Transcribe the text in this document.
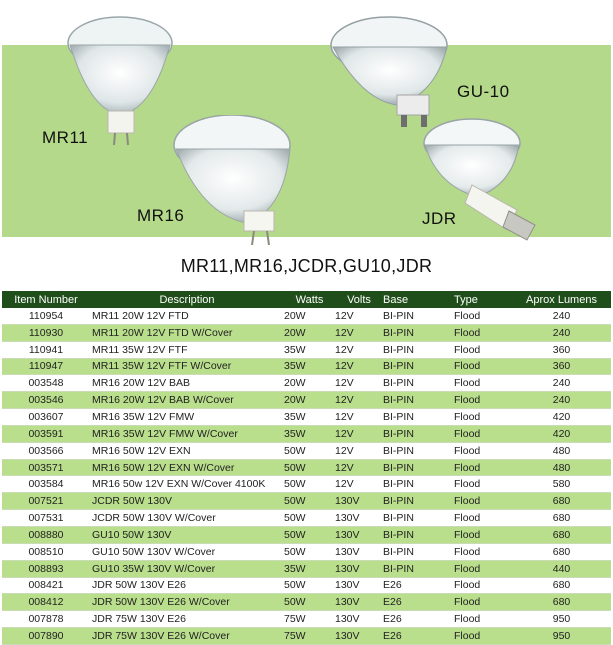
MR11
MR16
GU-10
JDR
MR11,MR16,JCDR,GU10,JDR
Item Number	Description	Watts	Volts	Base	Type	Aprox Lumens
110954	MR11 20W 12V FTD	20W	12V	BI-PIN	Flood	240
110930	MR11 20W 12V FTD W/Cover	20W	12V	BI-PIN	Flood	240
110941	MR11 35W 12V FTF	35W	12V	BI-PIN	Flood	360
110947	MR11 35W 12V FTF W/Cover	35W	12V	BI-PIN	Flood	360
003548	MR16 20W 12V BAB	20W	12V	BI-PIN	Flood	240
003546	MR16 20W 12V BAB W/Cover	20W	12V	BI-PIN	Flood	240
003607	MR16 35W 12V FMW	35W	12V	BI-PIN	Flood	420
003591	MR16 35W 12V FMW W/Cover	35W	12V	BI-PIN	Flood	420
003566	MR16 50W 12V EXN	50W	12V	BI-PIN	Flood	480
003571	MR16 50W 12V EXN W/Cover	50W	12V	BI-PIN	Flood	480
003584	MR16 50w 12V EXN W/Cover 4100K	50W	12V	BI-PIN	Flood	580
007521	JCDR 50W 130V	50W	130V	BI-PIN	Flood	680
007531	JCDR 50W 130V W/Cover	50W	130V	BI-PIN	Flood	680
008880	GU10 50W 130V	50W	130V	BI-PIN	Flood	680
008510	GU10 50W 130V W/Cover	50W	130V	BI-PIN	Flood	680
008893	GU10 35W 130V W/Cover	35W	130V	BI-PIN	Flood	440
008421	JDR 50W 130V E26	50W	130V	E26	Flood	680
008412	JDR 50W 130V E26 W/Cover	50W	130V	E26	Flood	680
007878	JDR 75W 130V E26	75W	130V	E26	Flood	950
007890	JDR 75W 130V E26 W/Cover	75W	130V	E26	Flood	950
